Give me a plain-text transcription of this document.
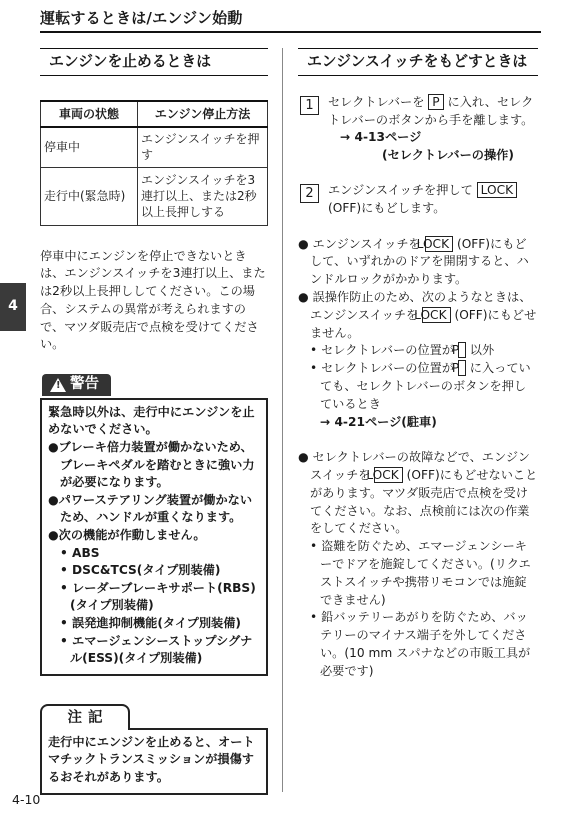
運転するときは/エンジン始動
4
エンジンを止めるときは
車両の状態	エンジン停止方法
停車中	エンジンスイッチを押す
走行中(緊急時)	エンジンスイッチを3連打以上、または2秒以上長押しする
停車中にエンジンを停止できないときは、エンジンスイッチを3連打以上、または2秒以上長押ししてください。この場合、システムの異常が考えられますので、マツダ販売店で点検を受けてください。
! 警告
緊急時以外は、走行中にエンジンを止めないでください。
●ブレーキ倍力装置が働かないため、ブレーキペダルを踏むときに強い力が必要になります。
●パワーステアリング装置が働かないため、ハンドルが重くなります。
●次の機能が作動しません。
• ABS
• DSC&TCS(タイプ別装備)
• レーダーブレーキサポート(RBS)(タイプ別装備)
• 誤発進抑制機能(タイプ別装備)
• エマージェンシーストップシグナル(ESS)(タイプ別装備)
注記
走行中にエンジンを止めると、オートマチックトランスミッションが損傷するおそれがあります。
エンジンスイッチをもどすときは
1	セレクトレバーを P に入れ、セレクトレバーのボタンから手を離します。
→ 4-13ページ
(セレクトレバーの操作)
2	エンジンスイッチを押して LOCK (OFF)にもどします。
● エンジンスイッチを LOCK (OFF)にもどして、いずれかのドアを開閉すると、ハンドルロックがかかります。
● 誤操作防止のため、次のようなときは、エンジンスイッチを LOCK (OFF)にもどせません。
• セレクトレバーの位置が P 以外
• セレクトレバーの位置が P に入っていても、セレクトレバーのボタンを押しているとき
→ 4-21ページ(駐車)
● セレクトレバーの故障などで、エンジンスイッチを LOCK (OFF)にもどせないことがあります。マツダ販売店で点検を受けてください。なお、点検前には次の作業をしてください。
• 盗難を防ぐため、エマージェンシーキーでドアを施錠してください。(リクエストスイッチや携帯リモコンでは施錠できません)
• 鉛バッテリーあがりを防ぐため、バッテリーのマイナス端子を外してください。(10 mm スパナなどの市販工具が必要です)
4-10
